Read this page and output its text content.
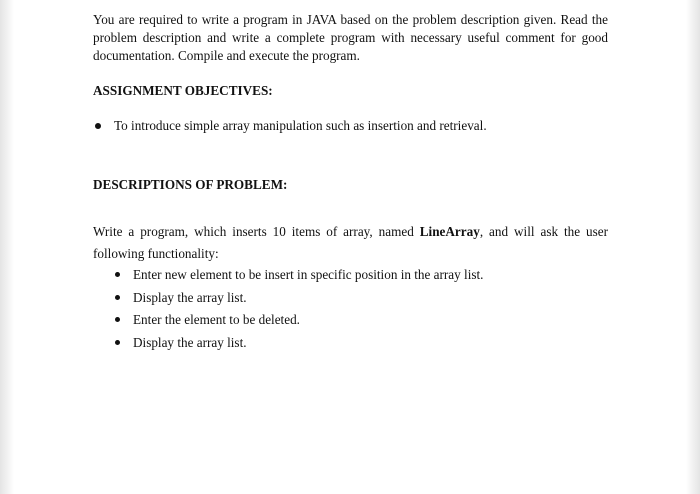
You are required to write a program in JAVA based on the problem description given. Read the problem description and write a complete program with necessary useful comment for good documentation. Compile and execute the program.

ASSIGNMENT OBJECTIVES:
To introduce simple array manipulation such as insertion and retrieval.
DESCRIPTIONS OF PROBLEM:

Write a program, which inserts 10 items of array, named LineArray, and will ask the user following functionality:

Enter new element to be insert in specific position in the array list.
Display the array list.
Enter the element to be deleted.
Display the array list.
